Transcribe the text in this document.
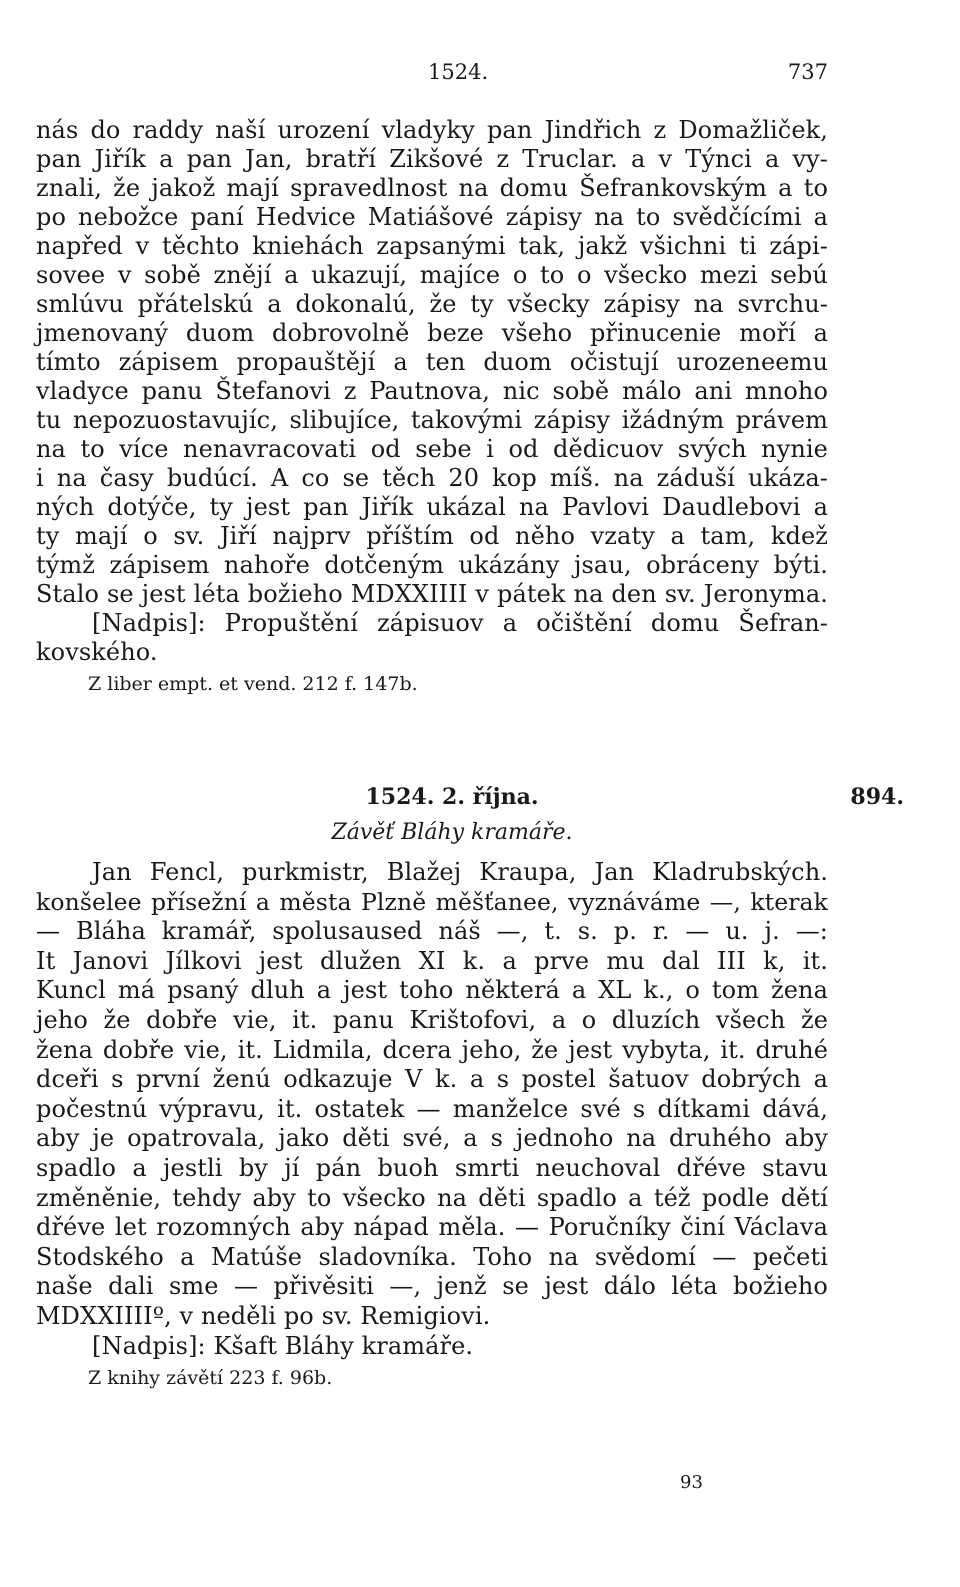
1524.	737
nás do raddy naší urození vladyky pan Jindřich z Domažliček,
pan Jiřík a pan Jan, bratří Zikšové z Truclar. a v Týnci a vy-
znali, že jakož mají spravedlnost na domu Šefrankovským a to
po nebožce paní Hedvice Matiášové zápisy na to svědčícími a
napřed v těchto kniehách zapsanými tak, jakž všichni ti zápi-
sovee v sobě znějí a ukazují, majíce o to o všecko mezi sebú
smlúvu přátelskú a dokonalú, že ty všecky zápisy na svrchu-
jmenovaný duom dobrovolně beze všeho přinucenie moří a
tímto zápisem propauštějí a ten duom očistují urozeneemu
vladyce panu Štefanovi z Pautnova, nic sobě málo ani mnoho
tu nepozuostavujíc, slibujíce, takovými zápisy ižádným právem
na to více nenavracovati od sebe i od dědicuov svých nynie
i na časy budúcí. A co se těch 20 kop míš. na záduší ukáza-
ných dotýče, ty jest pan Jiřík ukázal na Pavlovi Daudlebovi a
ty mají o sv. Jiří najprv příštím od něho vzaty a tam, kdež
týmž zápisem nahoře dotčeným ukázány jsau, obráceny býti.
Stalo se jest léta božieho MDXXIIII v pátek na den sv. Jeronyma.
[Nadpis]: Propuštění zápisuov a očištění domu Šefran-
kovského.
Z liber empt. et vend. 212 f. 147b.
1524. 2. října.	894.
Závěť Bláhy kramáře.
Jan Fencl, purkmistr, Blažej Kraupa, Jan Kladrubských.
konšelee přísežní a města Plzně měšťanee, vyznáváme —, kterak
— Bláha kramář, spolusaused náš —, t. s. p. r. — u. j. —:
It Janovi Jílkovi jest dlužen XI k. a prve mu dal III k, it.
Kuncl má psaný dluh a jest toho některá a XL k., o tom žena
jeho že dobře vie, it. panu Krištofovi, a o dluzích všech že
žena dobře vie, it. Lidmila, dcera jeho, že jest vybyta, it. druhé
dceři s první ženú odkazuje V k. a s postel šatuov dobrých a
počestnú výpravu, it. ostatek — manželce své s dítkami dává,
aby je opatrovala, jako děti své, a s jednoho na druhého aby
spadlo a jestli by jí pán buoh smrti neuchoval dřéve stavu
změněnie, tehdy aby to všecko na děti spadlo a též podle dětí
dřéve let rozomných aby nápad měla. — Poručníky činí Václava
Stodského a Matúše sladovníka. Toho na svědomí — pečeti
naše dali sme — přivěsiti —, jenž se jest dálo léta božieho
MDXXIIIIº, v neděli po sv. Remigiovi.
[Nadpis]: Kšaft Bláhy kramáře.
Z knihy závětí 223 f. 96b.
93
